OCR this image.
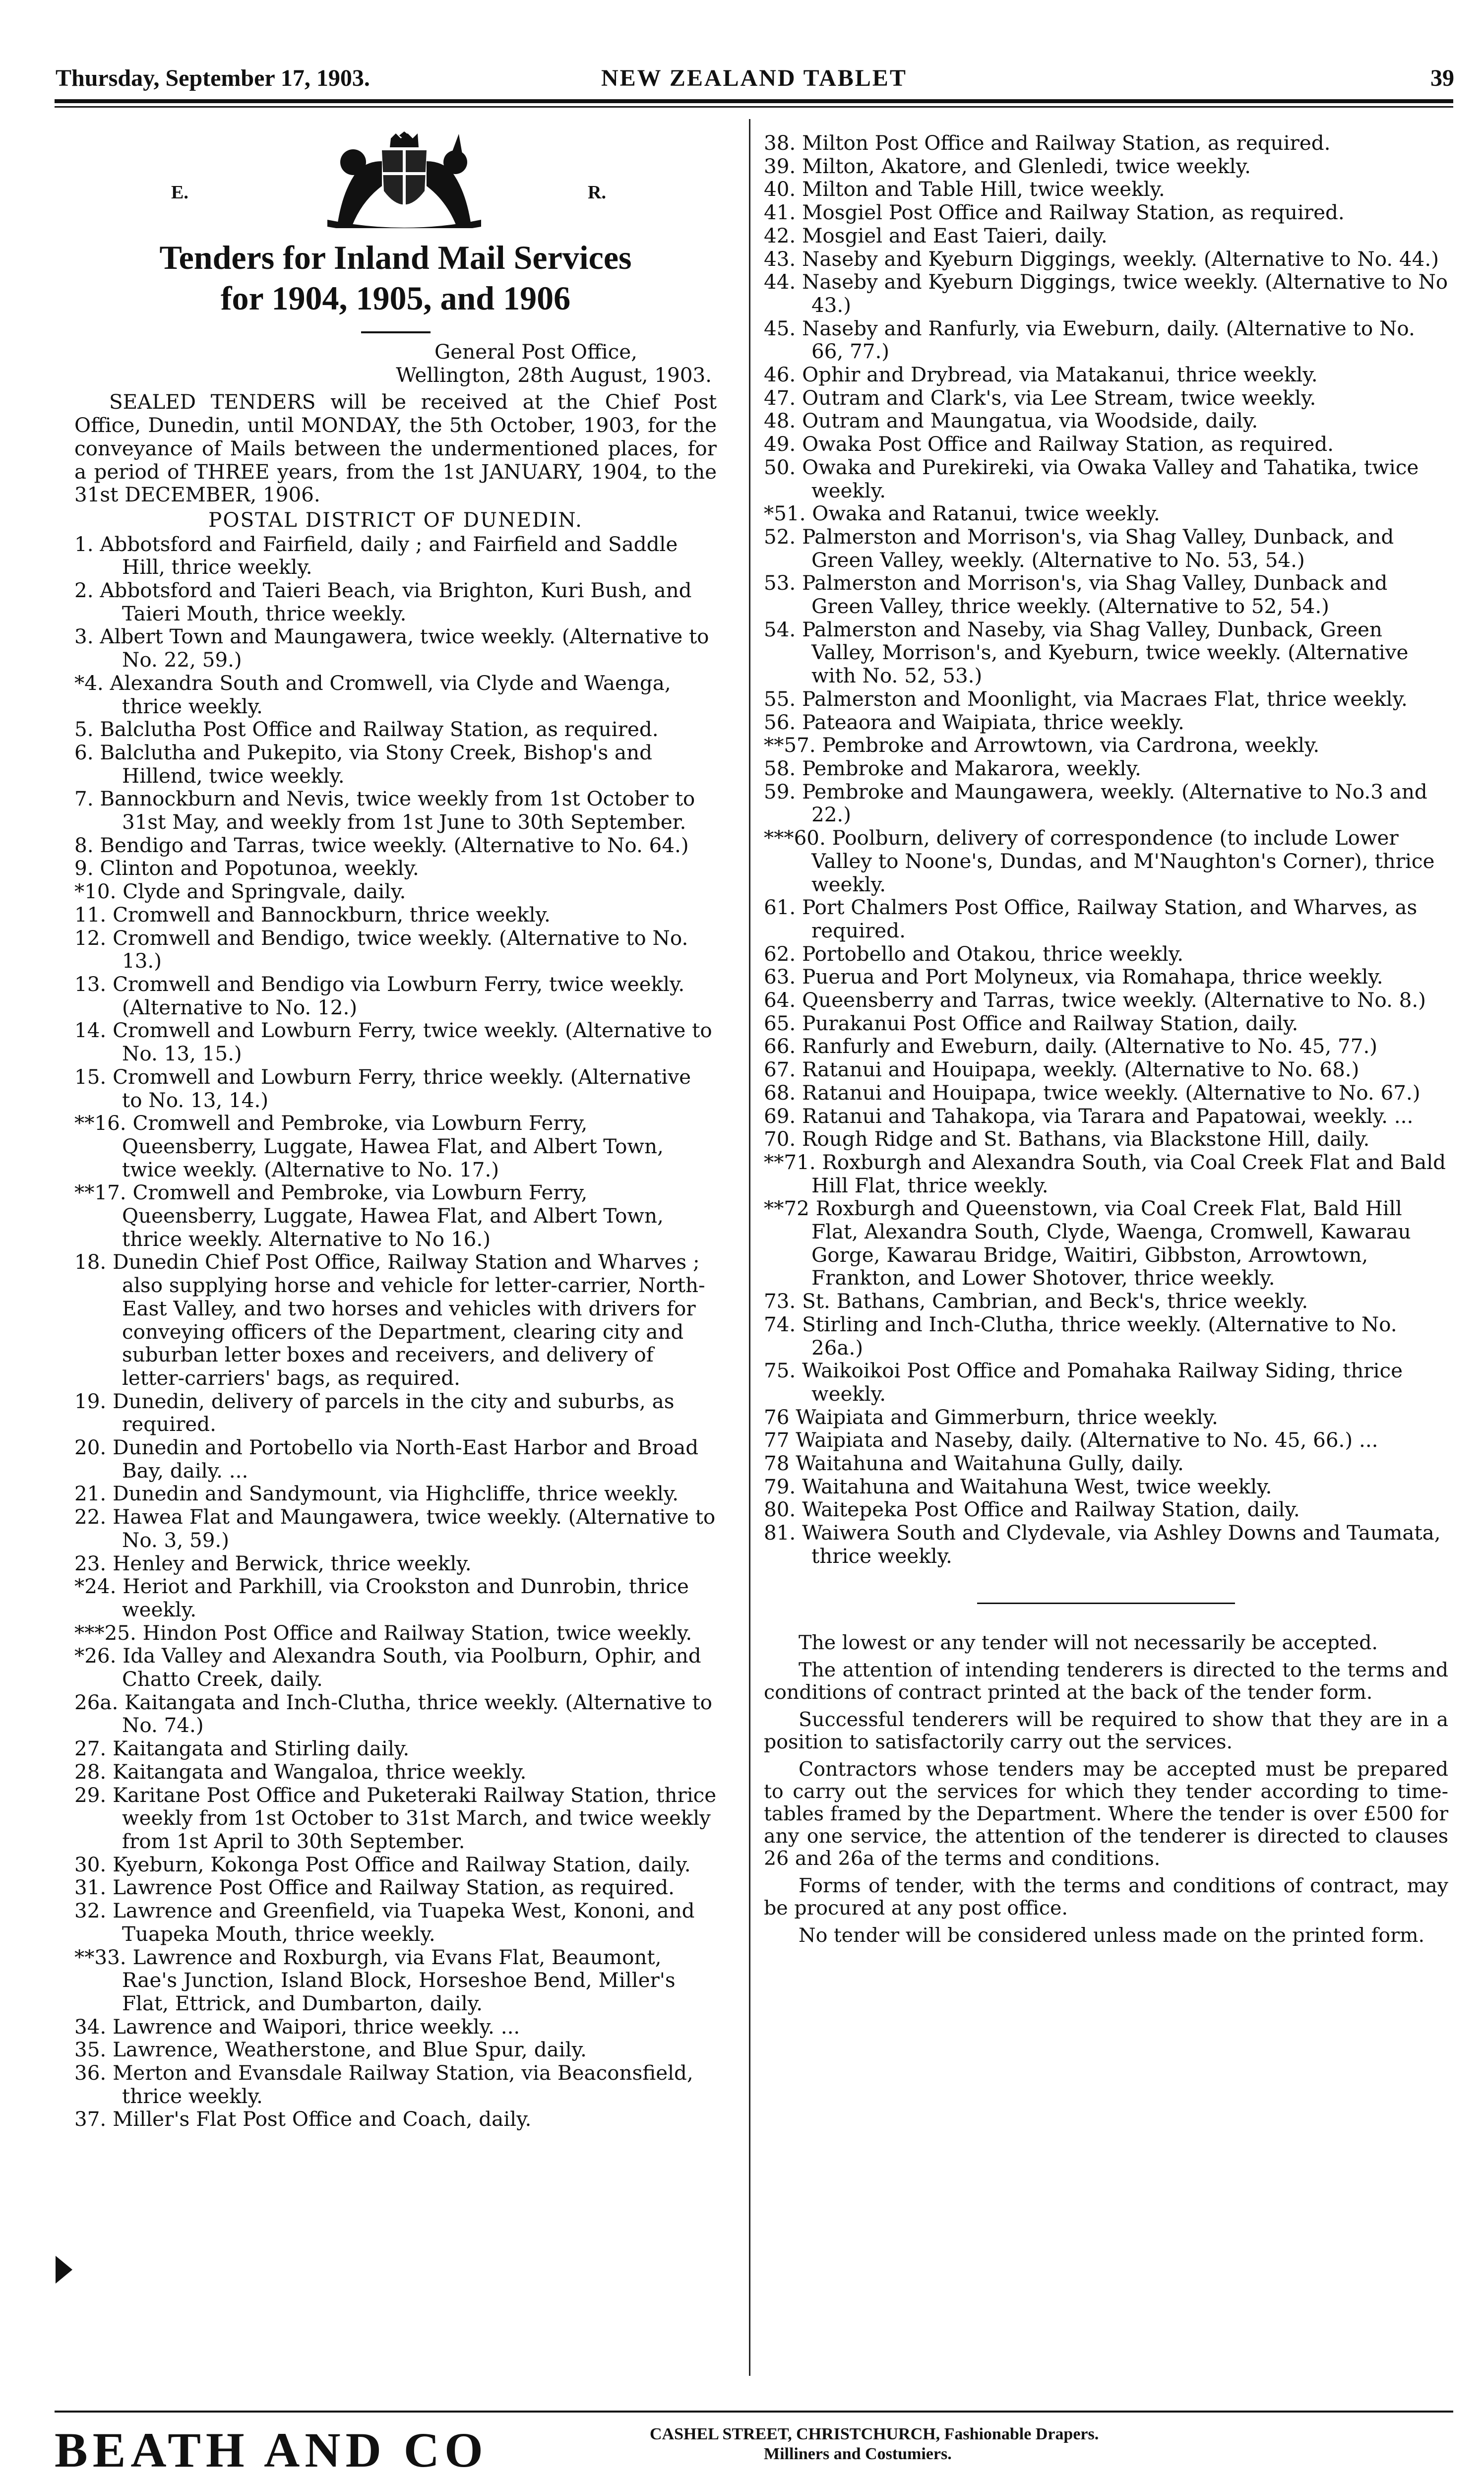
Thursday, September 17, 1903.	NEW ZEALAND TABLET	39
E.	R.
Tenders for Inland Mail Services
for 1904, 1905, and 1906

General Post Office,

Wellington, 28th August, 1903.

SEALED TENDERS will be received at the Chief Post Office, Dunedin, until MONDAY, the 5th October, 1903, for the conveyance of Mails between the undermentioned places, for a period of THREE years, from the 1st JANUARY, 1904, to the 31st DECEMBER, 1906.

POSTAL DISTRICT OF DUNEDIN.

1. Abbotsford and Fairfield, daily ; and Fairfield and Saddle Hill, thrice weekly.

2. Abbotsford and Taieri Beach, via Brighton, Kuri Bush, and Taieri Mouth, thrice weekly.

3. Albert Town and Maungawera, twice weekly. (Alternative to No. 22, 59.)

*4. Alexandra South and Cromwell, via Clyde and Waenga, thrice weekly.

5. Balclutha Post Office and Railway Station, as required.

6. Balclutha and Pukepito, via Stony Creek, Bishop's and Hillend, twice weekly.

7. Bannockburn and Nevis, twice weekly from 1st October to 31st May, and weekly from 1st June to 30th September.

8. Bendigo and Tarras, twice weekly. (Alternative to No. 64.)

9. Clinton and Popotunoa, weekly.

*10. Clyde and Springvale, daily.

11. Cromwell and Bannockburn, thrice weekly.

12. Cromwell and Bendigo, twice weekly. (Alternative to No. 13.)

13. Cromwell and Bendigo via Lowburn Ferry, twice weekly. (Alternative to No. 12.)

14. Cromwell and Lowburn Ferry, twice weekly. (Alternative to No. 13, 15.)

15. Cromwell and Lowburn Ferry, thrice weekly. (Alternative to No. 13, 14.)

**16. Cromwell and Pembroke, via Lowburn Ferry, Queensberry, Luggate, Hawea Flat, and Albert Town, twice weekly. (Alternative to No. 17.)

**17. Cromwell and Pembroke, via Lowburn Ferry, Queensberry, Luggate, Hawea Flat, and Albert Town, thrice weekly. Alternative to No 16.)

18. Dunedin Chief Post Office, Railway Station and Wharves ; also supplying horse and vehicle for letter-carrier, North-East Valley, and two horses and vehicles with drivers for conveying officers of the Department, clearing city and suburban letter boxes and receivers, and delivery of letter-carriers' bags, as required.

19. Dunedin, delivery of parcels in the city and suburbs, as required.

20. Dunedin and Portobello via North-East Harbor and Broad Bay, daily. ...

21. Dunedin and Sandymount, via Highcliffe, thrice weekly.

22. Hawea Flat and Maungawera, twice weekly. (Alternative to No. 3, 59.)

23. Henley and Berwick, thrice weekly.

*24. Heriot and Parkhill, via Crookston and Dunrobin, thrice weekly.

***25. Hindon Post Office and Railway Station, twice weekly.

*26. Ida Valley and Alexandra South, via Poolburn, Ophir, and Chatto Creek, daily.

26a. Kaitangata and Inch-Clutha, thrice weekly. (Alternative to No. 74.)

27. Kaitangata and Stirling daily.

28. Kaitangata and Wangaloa, thrice weekly.

29. Karitane Post Office and Puketeraki Railway Station, thrice weekly from 1st October to 31st March, and twice weekly from 1st April to 30th September.

30. Kyeburn, Kokonga Post Office and Railway Station, daily.

31. Lawrence Post Office and Railway Station, as required.

32. Lawrence and Greenfield, via Tuapeka West, Kononi, and Tuapeka Mouth, thrice weekly.

**33. Lawrence and Roxburgh, via Evans Flat, Beaumont, Rae's Junction, Island Block, Horseshoe Bend, Miller's Flat, Ettrick, and Dumbarton, daily.

34. Lawrence and Waipori, thrice weekly. ...

35. Lawrence, Weatherstone, and Blue Spur, daily.

36. Merton and Evansdale Railway Station, via Beaconsfield, thrice weekly.

37. Miller's Flat Post Office and Coach, daily.

38. Milton Post Office and Railway Station, as required.

39. Milton, Akatore, and Glenledi, twice weekly.

40. Milton and Table Hill, twice weekly.

41. Mosgiel Post Office and Railway Station, as required.

42. Mosgiel and East Taieri, daily.

43. Naseby and Kyeburn Diggings, weekly. (Alternative to No. 44.)

44. Naseby and Kyeburn Diggings, twice weekly. (Alternative to No 43.)

45. Naseby and Ranfurly, via Eweburn, daily. (Alternative to No. 66, 77.)

46. Ophir and Drybread, via Matakanui, thrice weekly.

47. Outram and Clark's, via Lee Stream, twice weekly.

48. Outram and Maungatua, via Woodside, daily.

49. Owaka Post Office and Railway Station, as required.

50. Owaka and Purekireki, via Owaka Valley and Tahatika, twice weekly.

*51. Owaka and Ratanui, twice weekly.

52. Palmerston and Morrison's, via Shag Valley, Dunback, and Green Valley, weekly. (Alternative to No. 53, 54.)

53. Palmerston and Morrison's, via Shag Valley, Dunback and Green Valley, thrice weekly. (Alternative to 52, 54.)

54. Palmerston and Naseby, via Shag Valley, Dunback, Green Valley, Morrison's, and Kyeburn, twice weekly. (Alternative with No. 52, 53.)

55. Palmerston and Moonlight, via Macraes Flat, thrice weekly.

56. Pateaora and Waipiata, thrice weekly.

**57. Pembroke and Arrowtown, via Cardrona, weekly.

58. Pembroke and Makarora, weekly.

59. Pembroke and Maungawera, weekly. (Alternative to No.3 and 22.)

***60. Poolburn, delivery of correspondence (to include Lower Valley to Noone's, Dundas, and M'Naughton's Corner), thrice weekly.

61. Port Chalmers Post Office, Railway Station, and Wharves, as required.

62. Portobello and Otakou, thrice weekly.

63. Puerua and Port Molyneux, via Romahapa, thrice weekly.

64. Queensberry and Tarras, twice weekly. (Alternative to No. 8.)

65. Purakanui Post Office and Railway Station, daily.

66. Ranfurly and Eweburn, daily. (Alternative to No. 45, 77.)

67. Ratanui and Houipapa, weekly. (Alternative to No. 68.)

68. Ratanui and Houipapa, twice weekly. (Alternative to No. 67.)

69. Ratanui and Tahakopa, via Tarara and Papatowai, weekly. ...

70. Rough Ridge and St. Bathans, via Blackstone Hill, daily.

**71. Roxburgh and Alexandra South, via Coal Creek Flat and Bald Hill Flat, thrice weekly.

**72 Roxburgh and Queenstown, via Coal Creek Flat, Bald Hill Flat, Alexandra South, Clyde, Waenga, Cromwell, Kawarau Gorge, Kawarau Bridge, Waitiri, Gibbston, Arrowtown, Frankton, and Lower Shotover, thrice weekly.

73. St. Bathans, Cambrian, and Beck's, thrice weekly.

74. Stirling and Inch-Clutha, thrice weekly. (Alternative to No. 26a.)

75. Waikoikoi Post Office and Pomahaka Railway Siding, thrice weekly.

76 Waipiata and Gimmerburn, thrice weekly.

77 Waipiata and Naseby, daily. (Alternative to No. 45, 66.) ...

78 Waitahuna and Waitahuna Gully, daily.

79. Waitahuna and Waitahuna West, twice weekly.

80. Waitepeka Post Office and Railway Station, daily.

81. Waiwera South and Clydevale, via Ashley Downs and Taumata, thrice weekly.

The lowest or any tender will not necessarily be accepted.

The attention of intending tenderers is directed to the terms and conditions of contract printed at the back of the tender form.

Successful tenderers will be required to show that they are in a position to satisfactorily carry out the services.

Contractors whose tenders may be accepted must be prepared to carry out the services for which they tender according to time-tables framed by the Department. Where the tender is over £500 for any one service, the attention of the tenderer is directed to clauses 26 and 26a of the terms and conditions.

Forms of tender, with the terms and conditions of contract, may be procured at any post office.

No tender will be considered unless made on the printed form.

BEATH AND CO	CASHEL STREET, CHRISTCHURCH, Fashionable Drapers.
Milliners and Costumiers.
